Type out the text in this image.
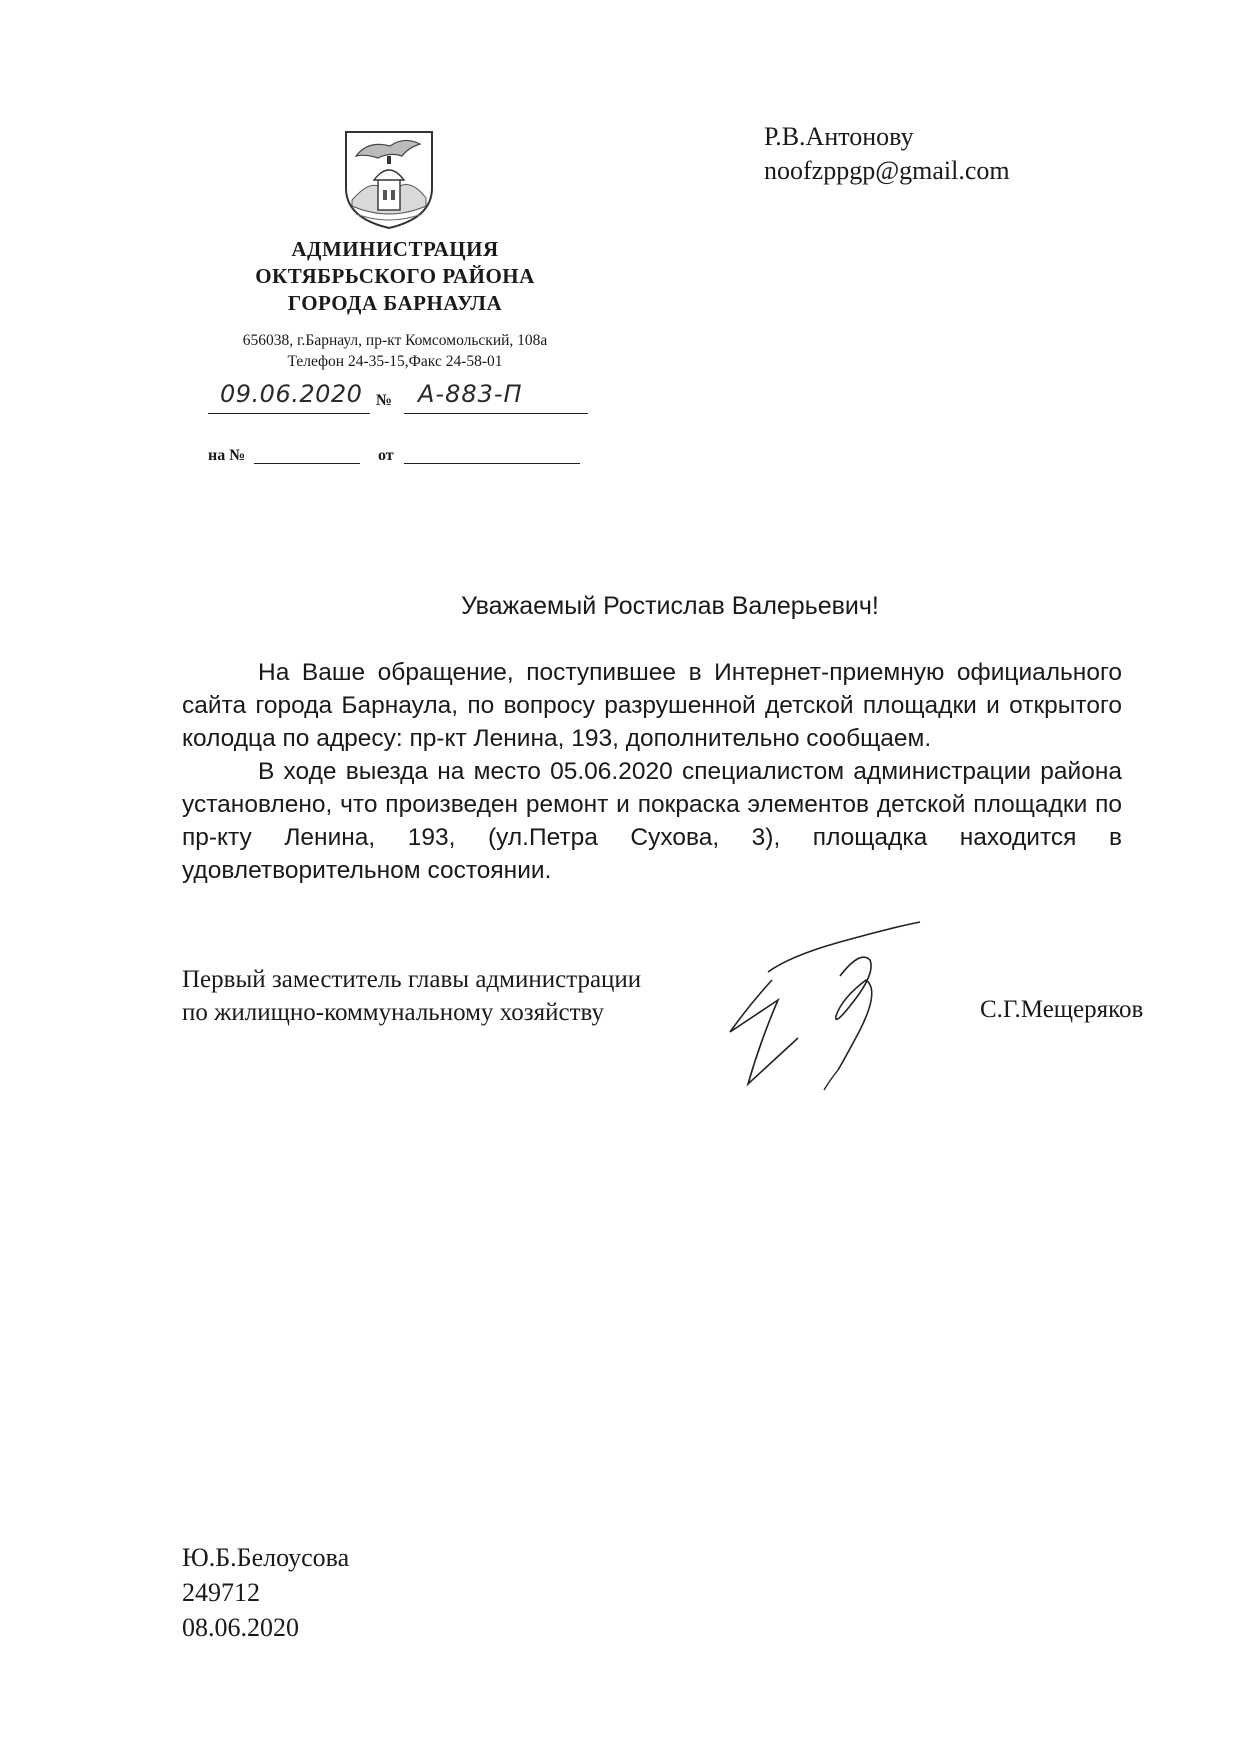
АДМИНИСТРАЦИЯ
ОКТЯБРЬСКОГО РАЙОНА
ГОРОДА БАРНАУЛА
656038, г.Барнаул, пр-кт Комсомольский, 108а
Телефон 24-35-15,Факс 24-58-01
09.06.2020 № А-883-П
на №	от
Р.В.Антонову
noofzppgp@gmail.com
Уважаемый Ростислав Валерьевич!

На Ваше обращение, поступившее в Интернет-приемную официального сайта города Барнаула, по вопросу разрушенной детской площадки и открытого колодца по адресу: пр-кт Ленина, 193, дополнительно сообщаем.

В ходе выезда на место 05.06.2020 специалистом администрации района установлено, что произведен ремонт и покраска элементов детской площадки по пр-кту Ленина, 193, (ул.Петра Сухова, 3), площадка находится в удовлетворительном состоянии.

Первый заместитель главы администрации
по жилищно-коммунальному хозяйству	С.Г.Мещеряков
Ю.Б.Белоусова
249712
08.06.2020
